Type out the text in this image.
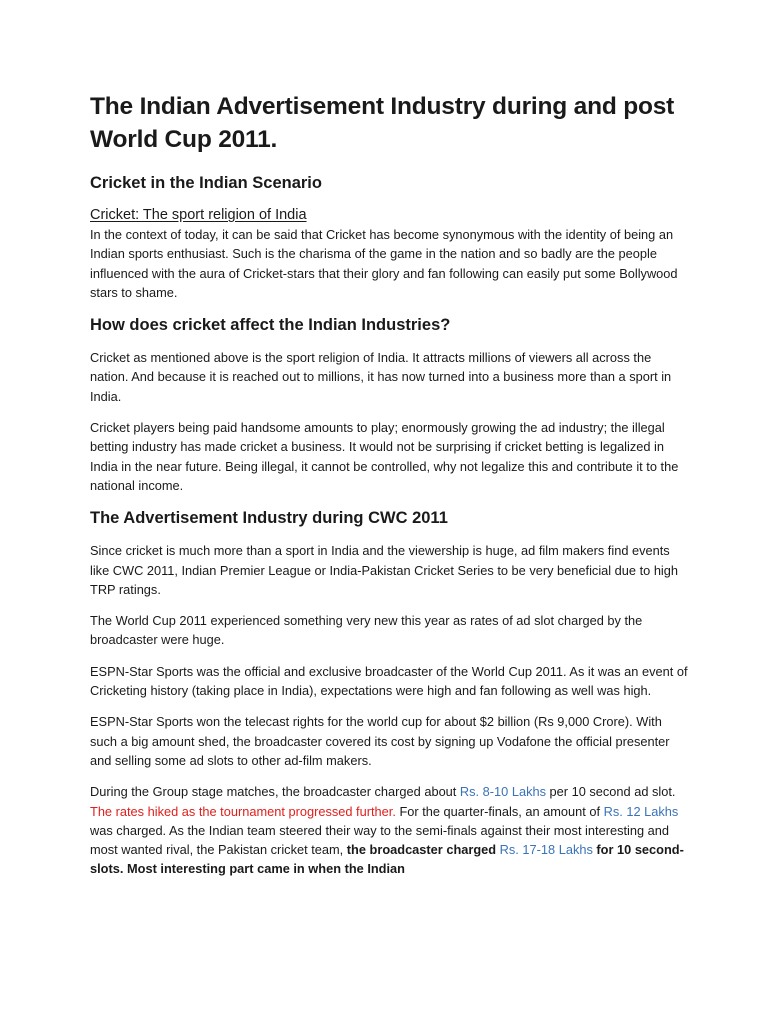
The Indian Advertisement Industry during and post World Cup 2011.
Cricket in the Indian Scenario
Cricket: The sport religion of India

In the context of today, it can be said that Cricket has become synonymous with the identity of being an Indian sports enthusiast. Such is the charisma of the game in the nation and so badly are the people influenced with the aura of Cricket-stars that their glory and fan following can easily put some Bollywood stars to shame.

How does cricket affect the Indian Industries?

Cricket as mentioned above is the sport religion of India. It attracts millions of viewers all across the nation. And because it is reached out to millions, it has now turned into a business more than a sport in India.

Cricket players being paid handsome amounts to play; enormously growing the ad industry; the illegal betting industry has made cricket a business. It would not be surprising if cricket betting is legalized in India in the near future. Being illegal, it cannot be controlled, why not legalize this and contribute it to the national income.

The Advertisement Industry during CWC 2011

Since cricket is much more than a sport in India and the viewership is huge, ad film makers find events like CWC 2011, Indian Premier League or India-Pakistan Cricket Series to be very beneficial due to high TRP ratings.

The World Cup 2011 experienced something very new this year as rates of ad slot charged by the broadcaster were huge.

ESPN-Star Sports was the official and exclusive broadcaster of the World Cup 2011. As it was an event of Cricketing history (taking place in India), expectations were high and fan following as well was high.

ESPN-Star Sports won the telecast rights for the world cup for about $2 billion (Rs 9,000 Crore). With such a big amount shed, the broadcaster covered its cost by signing up Vodafone the official presenter and selling some ad slots to other ad-film makers.

During the Group stage matches, the broadcaster charged about Rs. 8-10 Lakhs per 10 second ad slot. The rates hiked as the tournament progressed further. For the quarter-finals, an amount of Rs. 12 Lakhs was charged. As the Indian team steered their way to the semi-finals against their most interesting and most wanted rival, the Pakistan cricket team, the broadcaster charged Rs. 17-18 Lakhs for 10 second-slots. Most interesting part came in when the Indian
